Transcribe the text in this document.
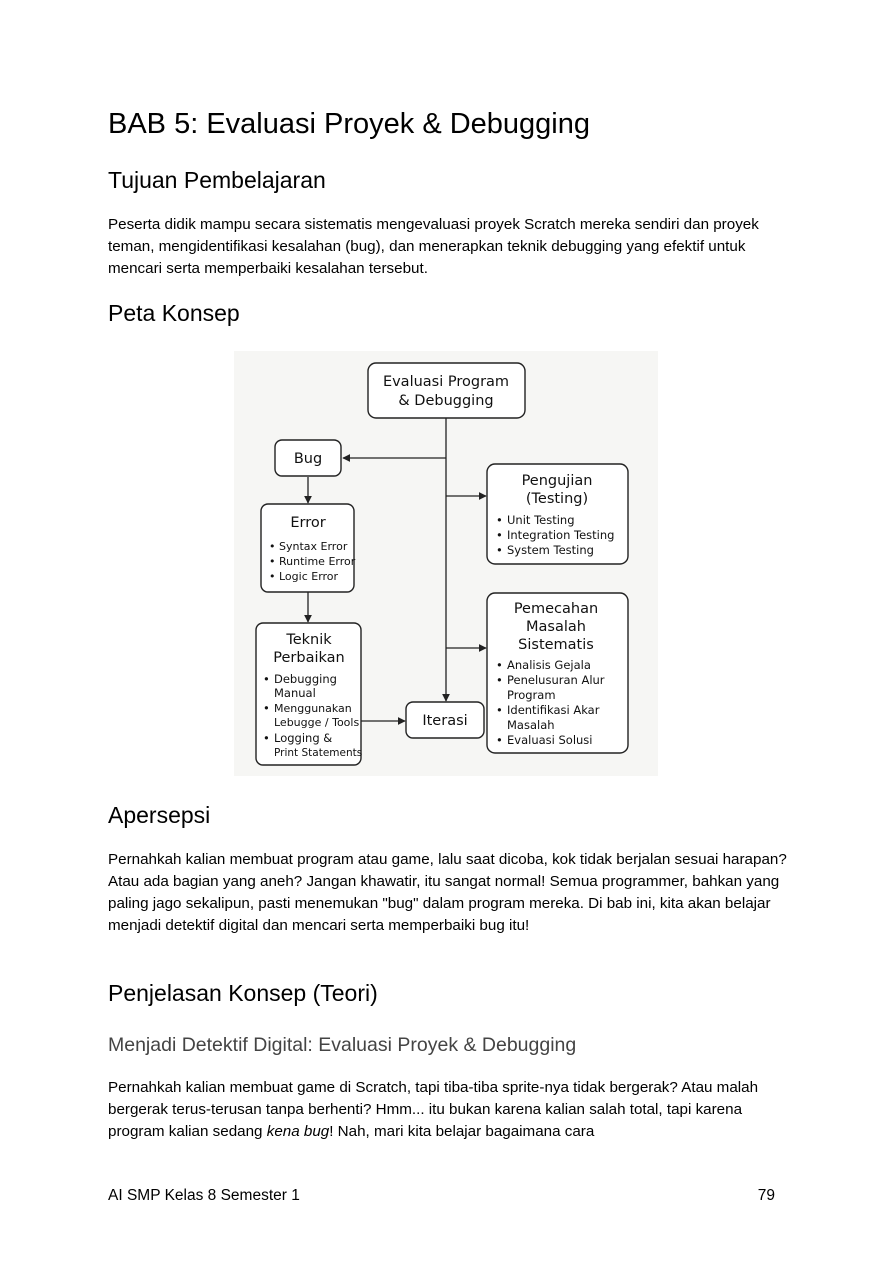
BAB 5: Evaluasi Proyek & Debugging
Tujuan Pembelajaran

Peserta didik mampu secara sistematis mengevaluasi proyek Scratch mereka sendiri dan proyek teman, mengidentifikasi kesalahan (bug), dan menerapkan teknik debugging yang efektif untuk mencari serta memperbaiki kesalahan tersebut.

Peta Konsep
Evaluasi Program
& Debugging
Bug
Error
• Syntax Error
• Runtime Error
• Logic Error
Teknik
Perbaikan
• Debugging
Manual
• Menggunakan
Lebugge / Tools
• Logging &
Print Statements
Iterasi
Pengujian
(Testing)
• Unit Testing
• Integration Testing
• System Testing
Pemecahan
Masalah
Sistematis
• Analisis Gejala
• Penelusuran Alur
Program
• Identifikasi Akar
Masalah
• Evaluasi Solusi
Apersepsi

Pernahkah kalian membuat program atau game, lalu saat dicoba, kok tidak berjalan sesuai harapan? Atau ada bagian yang aneh? Jangan khawatir, itu sangat normal! Semua programmer, bahkan yang paling jago sekalipun, pasti menemukan "bug" dalam program mereka. Di bab ini, kita akan belajar menjadi detektif digital dan mencari serta memperbaiki bug itu!

Penjelasan Konsep (Teori)
Menjadi Detektif Digital: Evaluasi Proyek & Debugging

Pernahkah kalian membuat game di Scratch, tapi tiba-tiba sprite-nya tidak bergerak? Atau malah bergerak terus-terusan tanpa berhenti? Hmm... itu bukan karena kalian salah total, tapi karena program kalian sedang kena bug! Nah, mari kita belajar bagaimana cara

AI SMP Kelas 8 Semester 1	79
